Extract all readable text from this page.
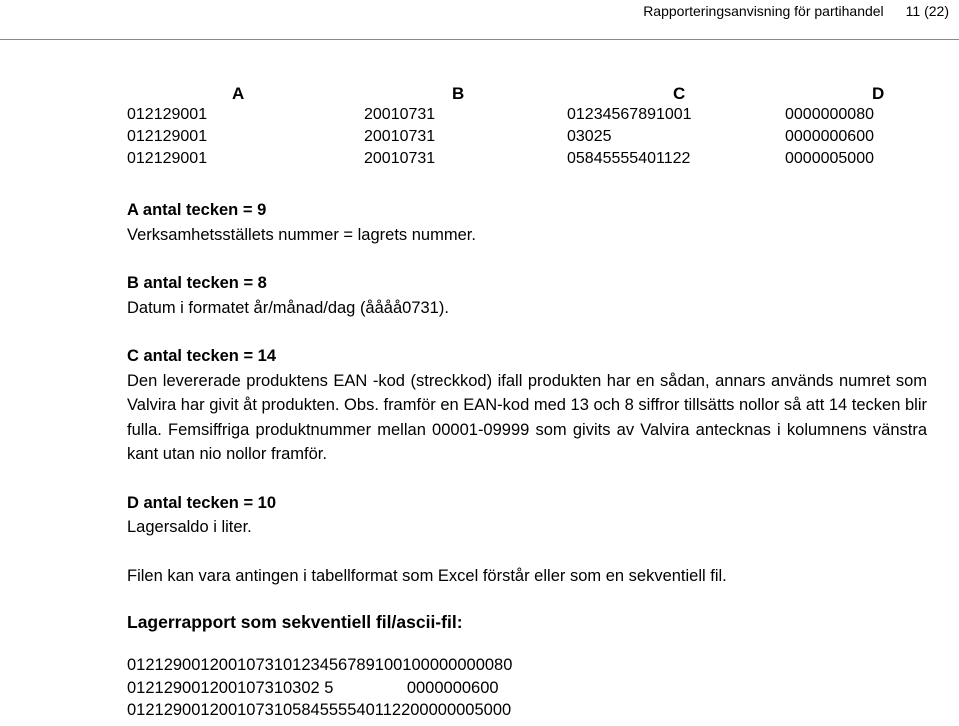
Rapporteringsanvisning för partihandel 11 (22)
A	B	C	D
012129001	20010731	01234567891001	0000000080
012129001	20010731	03025	0000000600
012129001	20010731	05845555401122	0000005000

A antal tecken = 9

Verksamhetsställets nummer = lagrets nummer.

B antal tecken = 8

Datum i formatet år/månad/dag (åååå0731).

C antal tecken = 14

Den levererade produktens EAN -kod (streckkod) ifall produkten har en sådan, annars används numret som Valvira har givit åt produkten. Obs. framför en EAN-kod med 13 och 8 siffror tillsätts nollor så att 14 tecken blir fulla. Femsiffriga produktnummer mellan 00001-09999 som givits av Valvira antecknas i kolumnens vänstra kant utan nio nollor framför.

D antal tecken = 10

Lagersaldo i liter.

Filen kan vara antingen i tabellformat som Excel förstår eller som en sekventiell fil.

Lagerrapport som sekventiell fil/ascii-fil:

012129001200107310123456789100100000000080
012129001200107310302 5                0000000600
012129001200107310584555540112200000005000
